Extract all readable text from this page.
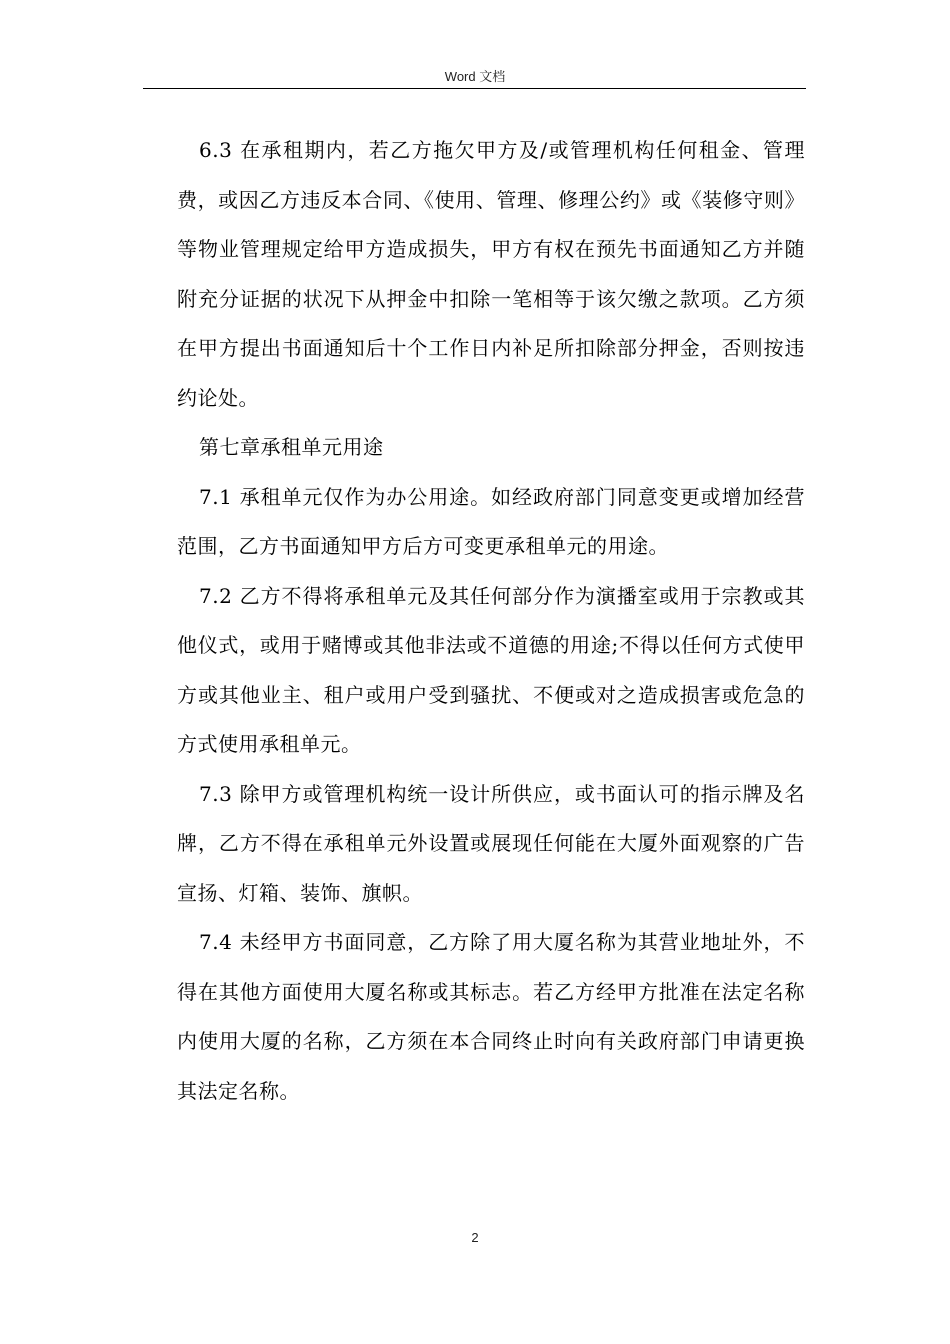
Word 文档

6.3 在承租期内，若乙方拖欠甲方及/或管理机构任何租金、管理费，或因乙方违反本合同、《使用、管理、修理公约》或《装修守则》等物业管理规定给甲方造成损失，甲方有权在预先书面通知乙方并随附充分证据的状况下从押金中扣除一笔相等于该欠缴之款项。乙方须在甲方提出书面通知后十个工作日内补足所扣除部分押金，否则按违约论处。

第七章承租单元用途

7.1 承租单元仅作为办公用途。如经政府部门同意变更或增加经营范围，乙方书面通知甲方后方可变更承租单元的用途。

7.2 乙方不得将承租单元及其任何部分作为演播室或用于宗教或其他仪式，或用于赌博或其他非法或不道德的用途;不得以任何方式使甲方或其他业主、租户或用户受到骚扰、不便或对之造成损害或危急的方式使用承租单元。

7.3 除甲方或管理机构统一设计所供应，或书面认可的指示牌及名牌，乙方不得在承租单元外设置或展现任何能在大厦外面观察的广告宣扬、灯箱、装饰、旗帜。

7.4 未经甲方书面同意，乙方除了用大厦名称为其营业地址外，不得在其他方面使用大厦名称或其标志。若乙方经甲方批准在法定名称内使用大厦的名称，乙方须在本合同终止时向有关政府部门申请更换其法定名称。

2
